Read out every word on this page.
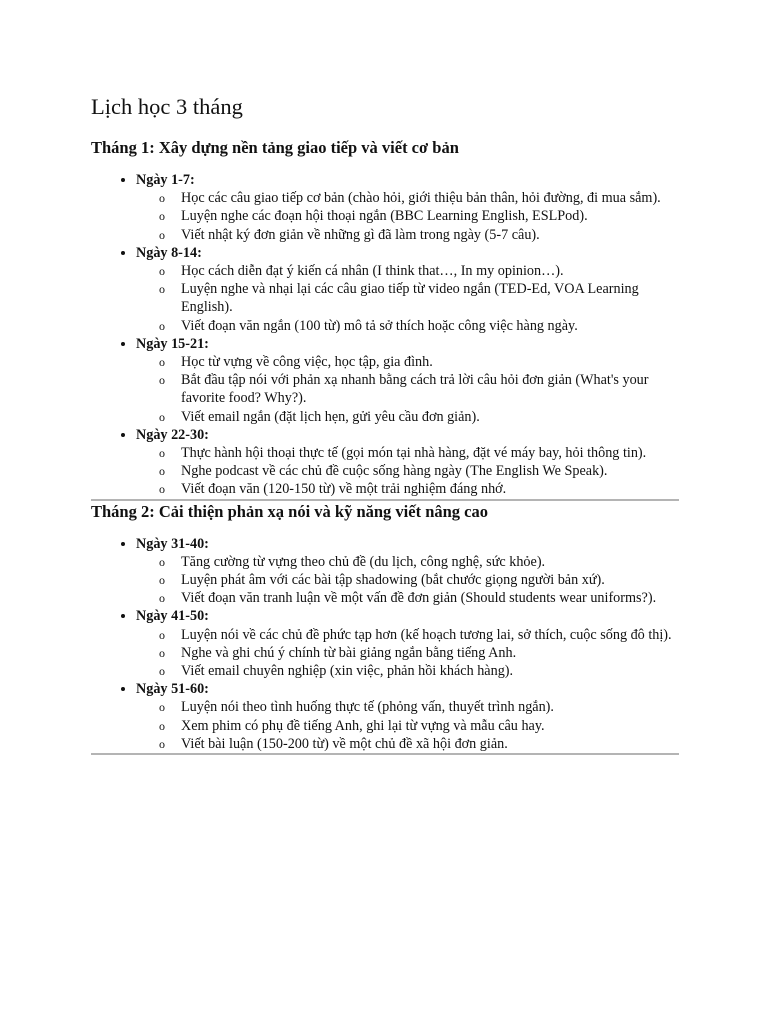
Lịch học 3 tháng
Tháng 1: Xây dựng nền tảng giao tiếp và viết cơ bản
• Ngày 1-7:
o Học các câu giao tiếp cơ bản (chào hỏi, giới thiệu bản thân, hỏi đường, đi mua sắm).
o Luyện nghe các đoạn hội thoại ngắn (BBC Learning English, ESLPod).
o Viết nhật ký đơn giản về những gì đã làm trong ngày (5-7 câu).
• Ngày 8-14:
o Học cách diễn đạt ý kiến cá nhân (I think that…, In my opinion…).
o Luyện nghe và nhại lại các câu giao tiếp từ video ngắn (TED-Ed, VOA Learning English).
o Viết đoạn văn ngắn (100 từ) mô tả sở thích hoặc công việc hàng ngày.
• Ngày 15-21:
o Học từ vựng về công việc, học tập, gia đình.
o Bắt đầu tập nói với phản xạ nhanh bằng cách trả lời câu hỏi đơn giản (What's your favorite food? Why?).
o Viết email ngắn (đặt lịch hẹn, gửi yêu cầu đơn giản).
• Ngày 22-30:
o Thực hành hội thoại thực tế (gọi món tại nhà hàng, đặt vé máy bay, hỏi thông tin).
o Nghe podcast về các chủ đề cuộc sống hàng ngày (The English We Speak).
o Viết đoạn văn (120-150 từ) về một trải nghiệm đáng nhớ.
Tháng 2: Cải thiện phản xạ nói và kỹ năng viết nâng cao
• Ngày 31-40:
o Tăng cường từ vựng theo chủ đề (du lịch, công nghệ, sức khỏe).
o Luyện phát âm với các bài tập shadowing (bắt chước giọng người bản xứ).
o Viết đoạn văn tranh luận về một vấn đề đơn giản (Should students wear uniforms?).
• Ngày 41-50:
o Luyện nói về các chủ đề phức tạp hơn (kế hoạch tương lai, sở thích, cuộc sống đô thị).
o Nghe và ghi chú ý chính từ bài giảng ngắn bằng tiếng Anh.
o Viết email chuyên nghiệp (xin việc, phản hồi khách hàng).
• Ngày 51-60:
o Luyện nói theo tình huống thực tế (phỏng vấn, thuyết trình ngắn).
o Xem phim có phụ đề tiếng Anh, ghi lại từ vựng và mẫu câu hay.
o Viết bài luận (150-200 từ) về một chủ đề xã hội đơn giản.
